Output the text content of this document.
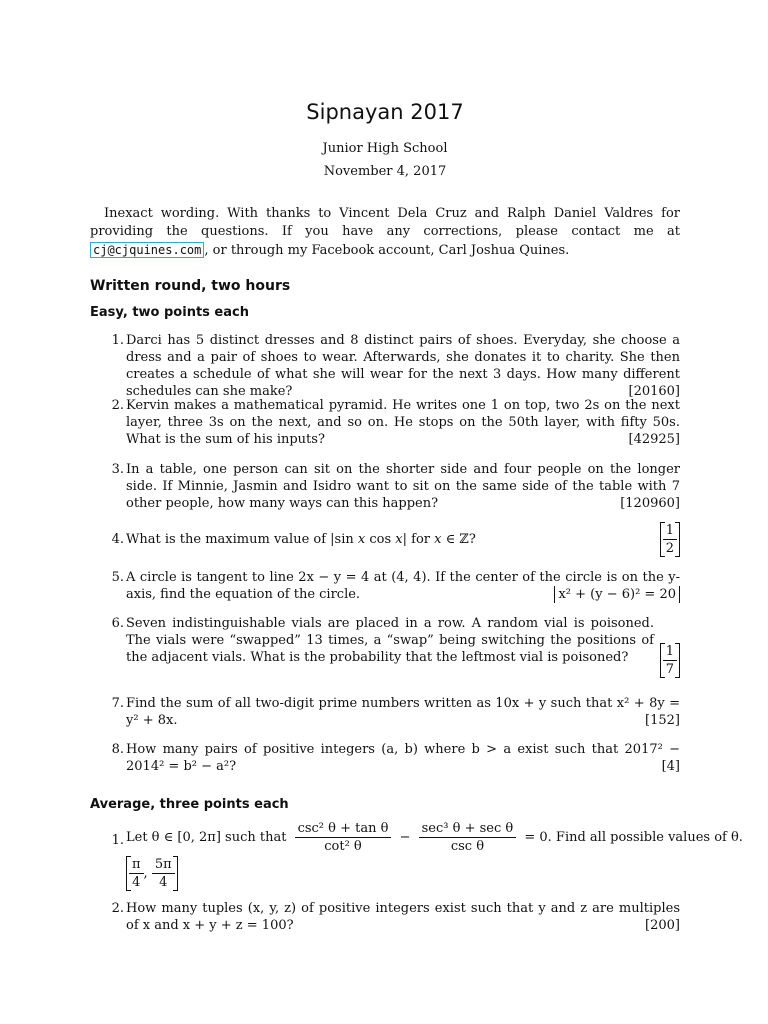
Sipnayan 2017
Junior High School
November 4, 2017
Inexact wording. With thanks to Vincent Dela Cruz and Ralph Daniel Valdres for providing the questions. If you have any corrections, please contact me at cj@cjquines.com , or through my Facebook account, Carl Joshua Quines.
Written round, two hours
Easy, two points each
1. Darci has 5 distinct dresses and 8 distinct pairs of shoes. Everyday, she choose a dress and a pair of shoes to wear. Afterwards, she donates it to charity. She then creates a schedule of what she will wear for the next 3 days. How many different schedules can she make?	[20160]
2. Kervin makes a mathematical pyramid. He writes one 1 on top, two 2s on the next layer, three 3s on the next, and so on. He stops on the 50th layer, with fifty 50s. What is the sum of his inputs?	[42925]
3. In a table, one person can sit on the shorter side and four people on the longer side. If Minnie, Jasmin and Isidro want to sit on the same side of the table with 7 other people, how many ways can this happen?	[120960]
4. What is the maximum value of |sin x cos x| for x ∈ ℤ?	$\frac{1}{2}$
5. A circle is tangent to line 2x − y = 4 at (4, 4). If the center of the circle is on the y-axis, find the equation of the circle.	x² + (y − 6)² = 20
6. Seven indistinguishable vials are placed in a row. A random vial is poisoned. The vials were “swapped” 13 times, a “swap” being switching the positions of the adjacent vials. What is the probability that the leftmost vial is poisoned?	$\frac{1}{7}$
7. Find the sum of all two-digit prime numbers written as 10x + y such that x² + 8y = y² + 8x.	[152]
8. How many pairs of positive integers (a, b) where b > a exist such that 2017² − 2014² = b² − a²?	[4]
Average, three points each
1. Let θ ∈ [0, 2π] such that $\frac{\text{csc² θ + tan θ}}{\text{cot² θ}} - \frac{\text{sec³ θ + sec θ}}{\text{csc θ}} = 0$. Find all possible values of θ.
$\frac{\pi}{4}$ , $\frac{5\pi}{4}$
2. How many tuples (x, y, z) of positive integers exist such that y and z are multiples of x and x + y + z = 100?	[200]
